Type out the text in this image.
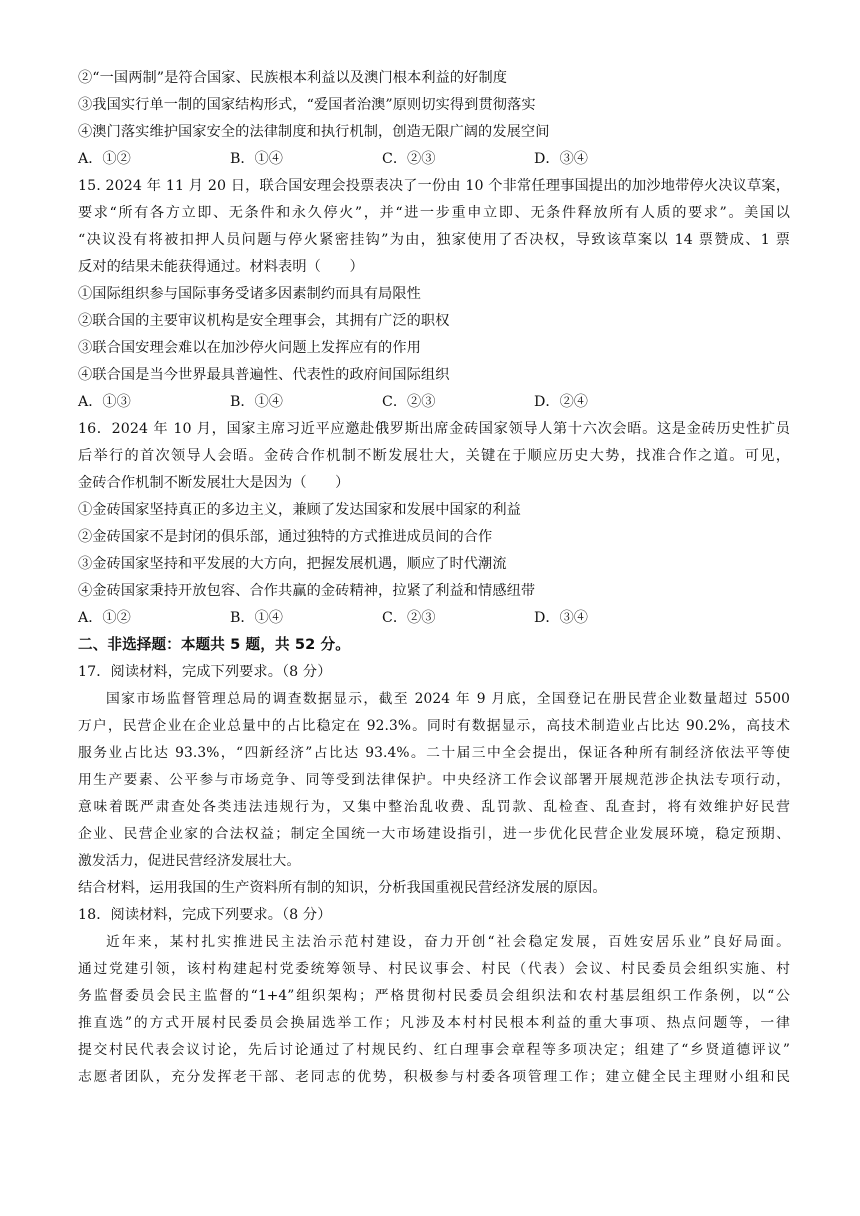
②“一国两制”是符合国家、民族根本利益以及澳门根本利益的好制度
③我国实行单一制的国家结构形式，“爱国者治澳”原则切实得到贯彻落实
④澳门落实维护国家安全的法律制度和执行机制，创造无限广阔的发展空间
A．①②	B．①④	C．②③	D．③④
15. 2024 年 11 月 20 日，联合国安理会投票表决了一份由 10 个非常任理事国提出的加沙地带停火决议草案，
要求“所有各方立即、无条件和永久停火”，并“进一步重申立即、无条件释放所有人质的要求”。美国以
“决议没有将被扣押人员问题与停火紧密挂钩”为由，独家使用了否决权，导致该草案以 14 票赞成、1 票
反对的结果未能获得通过。材料表明（　　）
①国际组织参与国际事务受诸多因素制约而具有局限性
②联合国的主要审议机构是安全理事会，其拥有广泛的职权
③联合国安理会难以在加沙停火问题上发挥应有的作用
④联合国是当今世界最具普遍性、代表性的政府间国际组织
A．①③	B．①④	C．②③	D．②④
16．2024 年 10 月，国家主席习近平应邀赴俄罗斯出席金砖国家领导人第十六次会晤。这是金砖历史性扩员
后举行的首次领导人会晤。金砖合作机制不断发展壮大，关键在于顺应历史大势，找准合作之道。可见，
金砖合作机制不断发展壮大是因为（　　）
①金砖国家坚持真正的多边主义，兼顾了发达国家和发展中国家的利益
②金砖国家不是封闭的俱乐部，通过独特的方式推进成员间的合作
③金砖国家坚持和平发展的大方向，把握发展机遇，顺应了时代潮流
④金砖国家秉持开放包容、合作共赢的金砖精神，拉紧了利益和情感纽带
A．①②	B．①④	C．②③	D．③④
二、非选择题：本题共 5 题，共 52 分。
17．阅读材料，完成下列要求。（8 分）
国家市场监督管理总局的调查数据显示，截至 2024 年 9 月底，全国登记在册民营企业数量超过 5500
万户，民营企业在企业总量中的占比稳定在 92.3%。同时有数据显示，高技术制造业占比达 90.2%，高技术
服务业占比达 93.3%，“四新经济”占比达 93.4%。二十届三中全会提出，保证各种所有制经济依法平等使
用生产要素、公平参与市场竞争、同等受到法律保护。中央经济工作会议部署开展规范涉企执法专项行动，
意味着既严肃查处各类违法违规行为，又集中整治乱收费、乱罚款、乱检查、乱查封，将有效维护好民营
企业、民营企业家的合法权益；制定全国统一大市场建设指引，进一步优化民营企业发展环境，稳定预期、
激发活力，促进民营经济发展壮大。
结合材料，运用我国的生产资料所有制的知识，分析我国重视民营经济发展的原因。
18．阅读材料，完成下列要求。（8 分）
近年来，某村扎实推进民主法治示范村建设，奋力开创“社会稳定发展，百姓安居乐业”良好局面。
通过党建引领，该村构建起村党委统筹领导、村民议事会、村民（代表）会议、村民委员会组织实施、村
务监督委员会民主监督的“1+4”组织架构；严格贯彻村民委员会组织法和农村基层组织工作条例，以“公
推直选”的方式开展村民委员会换届选举工作；凡涉及本村村民根本利益的重大事项、热点问题等，一律
提交村民代表会议讨论，先后讨论通过了村规民约、红白理事会章程等多项决定；组建了“乡贤道德评议”
志愿者团队，充分发挥老干部、老同志的优势，积极参与村委各项管理工作；建立健全民主理财小组和民
